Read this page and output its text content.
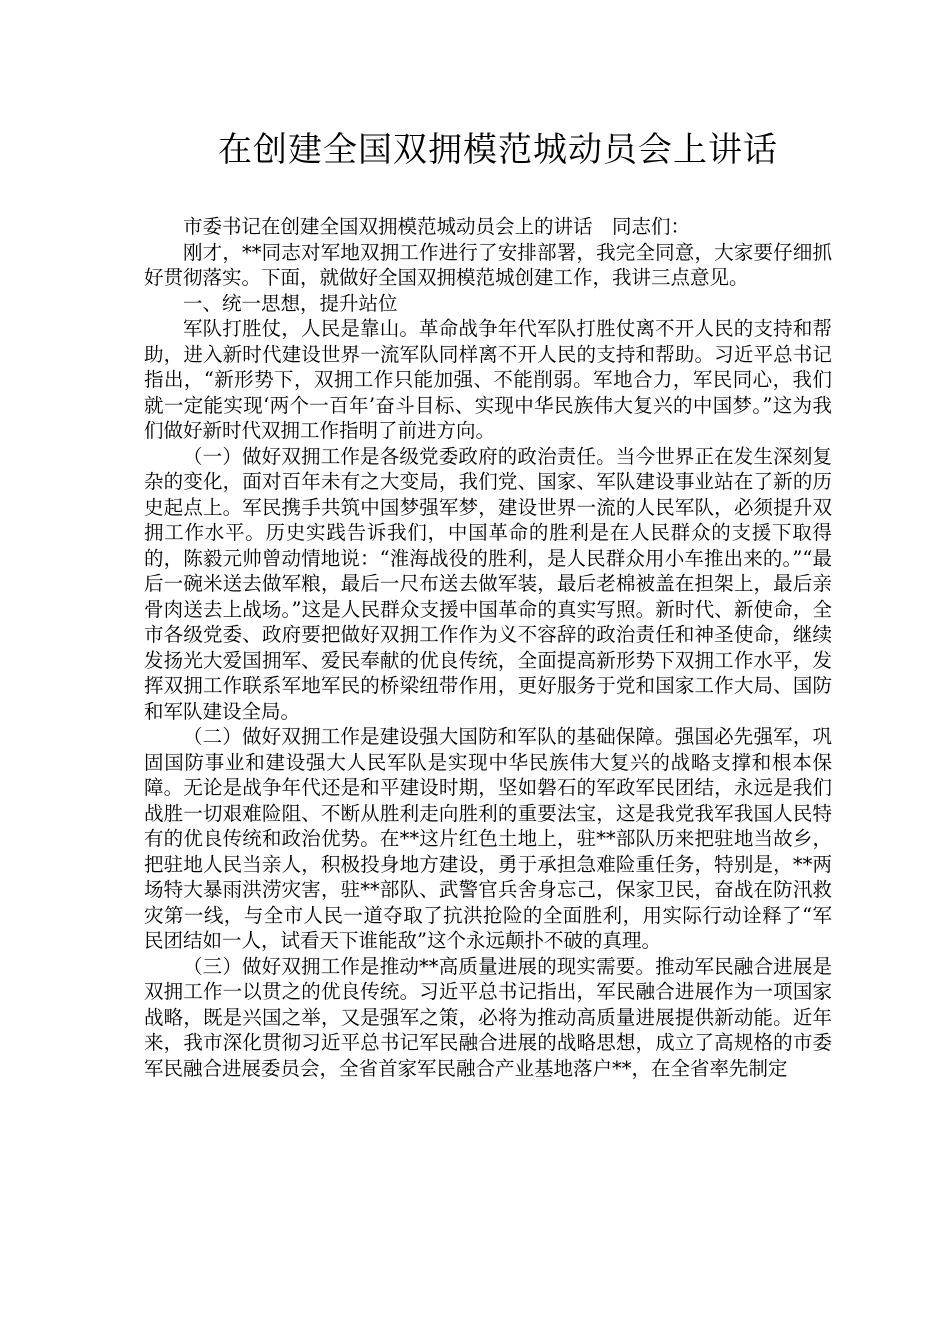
在创建全国双拥模范城动员会上讲话

市委书记在创建全国双拥模范城动员会上的讲话　同志们：

刚才，**同志对军地双拥工作进行了安排部署，我完全同意，大家要仔细抓好贯彻落实。下面，就做好全国双拥模范城创建工作，我讲三点意见。

一、统一思想，提升站位

军队打胜仗，人民是靠山。革命战争年代军队打胜仗离不开人民的支持和帮助，进入新时代建设世界一流军队同样离不开人民的支持和帮助。习近平总书记指出，“新形势下，双拥工作只能加强、不能削弱。军地合力，军民同心，我们就一定能实现‘两个一百年’奋斗目标、实现中华民族伟大复兴的中国梦。”这为我们做好新时代双拥工作指明了前进方向。

（一）做好双拥工作是各级党委政府的政治责任。当今世界正在发生深刻复杂的变化，面对百年未有之大变局，我们党、国家、军队建设事业站在了新的历史起点上。军民携手共筑中国梦强军梦，建设世界一流的人民军队，必须提升双拥工作水平。历史实践告诉我们，中国革命的胜利是在人民群众的支援下取得的，陈毅元帅曾动情地说：“淮海战役的胜利，是人民群众用小车推出来的。”“最后一碗米送去做军粮，最后一尺布送去做军装，最后老棉被盖在担架上，最后亲骨肉送去上战场。”这是人民群众支援中国革命的真实写照。新时代、新使命，全市各级党委、政府要把做好双拥工作作为义不容辞的政治责任和神圣使命，继续发扬光大爱国拥军、爱民奉献的优良传统，全面提高新形势下双拥工作水平，发挥双拥工作联系军地军民的桥梁纽带作用，更好服务于党和国家工作大局、国防和军队建设全局。

（二）做好双拥工作是建设强大国防和军队的基础保障。强国必先强军，巩固国防事业和建设强大人民军队是实现中华民族伟大复兴的战略支撑和根本保障。无论是战争年代还是和平建设时期，坚如磐石的军政军民团结，永远是我们战胜一切艰难险阻、不断从胜利走向胜利的重要法宝，这是我党我军我国人民特有的优良传统和政治优势。在**这片红色土地上，驻**部队历来把驻地当故乡，把驻地人民当亲人，积极投身地方建设，勇于承担急难险重任务，特别是，**两场特大暴雨洪涝灾害，驻**部队、武警官兵舍身忘己，保家卫民，奋战在防汛救灾第一线，与全市人民一道夺取了抗洪抢险的全面胜利，用实际行动诠释了“军民团结如一人，试看天下谁能敌”这个永远颠扑不破的真理。

（三）做好双拥工作是推动**高质量进展的现实需要。推动军民融合进展是双拥工作一以贯之的优良传统。习近平总书记指出，军民融合进展作为一项国家战略，既是兴国之举，又是强军之策，必将为推动高质量进展提供新动能。近年来，我市深化贯彻习近平总书记军民融合进展的战略思想，成立了高规格的市委军民融合进展委员会，全省首家军民融合产业基地落户**，在全省率先制定
